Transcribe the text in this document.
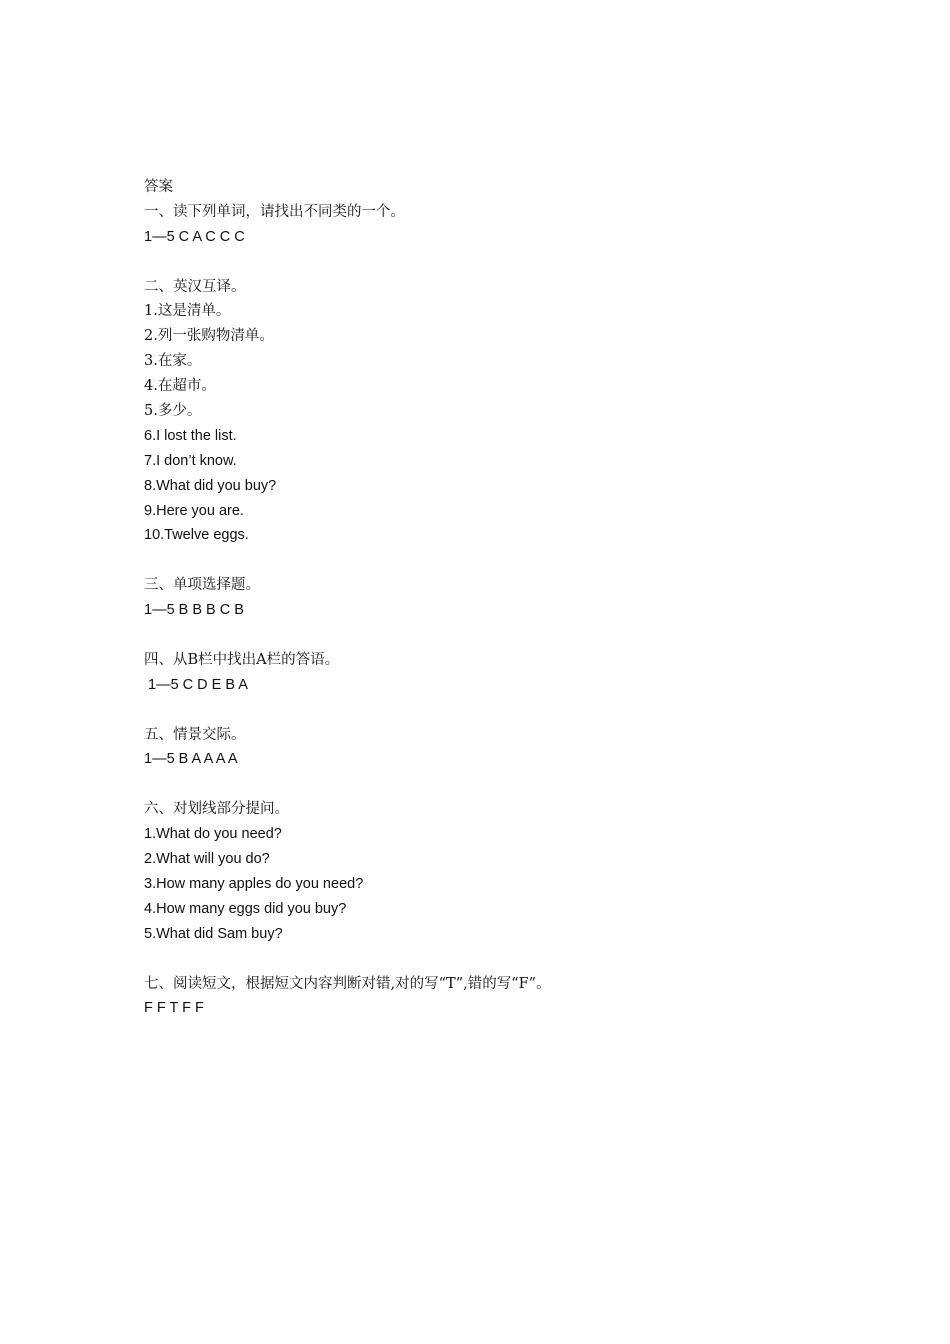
答案
一、读下列单词，请找出不同类的一个。
1—5 C A C C C
二、英汉互译。
1.这是清单。
2.列一张购物清单。
3.在家。
4.在超市。
5.多少。
6.I lost the list.
7.I don’t know.
8.What did you buy?
9.Here you are.
10.Twelve eggs.
三、单项选择题。
1—5 B B B C B
四、从B栏中找出A栏的答语。
1—5 C D E B A
五、情景交际。
1—5 B A A A A
六、对划线部分提问。
1.What do you need?
2.What will you do?
3.How many apples do you need?
4.How many eggs did you buy?
5.What did Sam buy?
七、阅读短文，根据短文内容判断对错,对的写“T”,错的写“F”。
F F T F F
